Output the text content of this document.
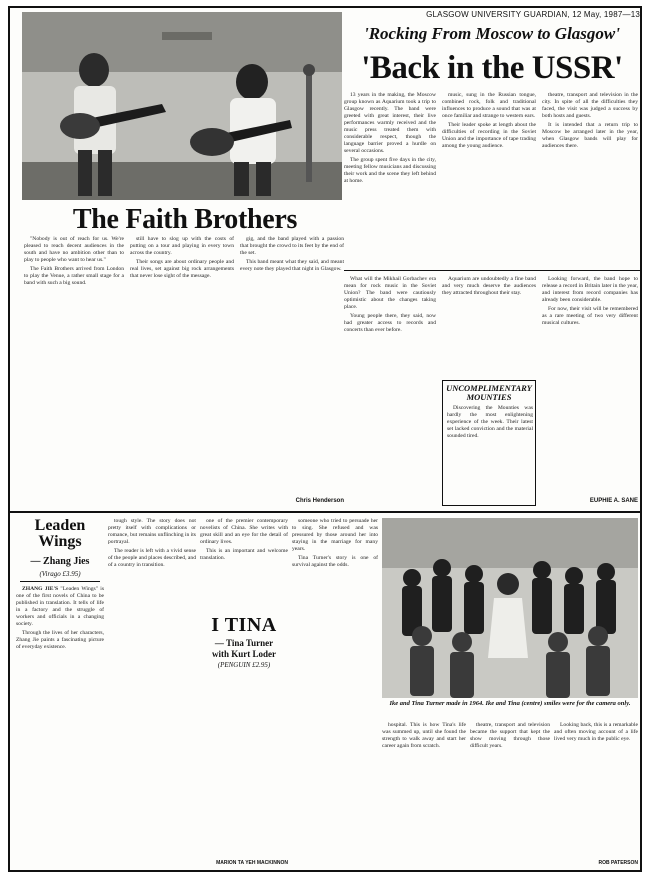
GLASGOW UNIVERSITY GUARDIAN, 12 May, 1987—13
'Rocking From Moscow to Glasgow'
'Back in the USSR'
The Faith Brothers

13 years in the making, the Moscow group known as Aquarium took a trip to Glasgow recently. The band were greeted with great interest, their live performances warmly received and the music press treated them with considerable respect, though the language barrier proved a hurdle on several occasions.

The group spent five days in the city, meeting fellow musicians and discussing their work and the scene they left behind at home.

music, sung in the Russian tongue, combined rock, folk and traditional influences to produce a sound that was at once familiar and strange to western ears.

Their leader spoke at length about the difficulties of recording in the Soviet Union and the importance of tape trading among the young audience.

theatre, transport and television in the city. In spite of all the difficulties they faced, the visit was judged a success by both hosts and guests.

It is intended that a return trip to Moscow be arranged later in the year, when Glasgow bands will play for audiences there.

"Nobody is out of reach for us. We're pleased to reach decent audiences in the south and have no ambition other than to play to people who want to hear us."

The Faith Brothers arrived from London to play the Venue, a rather small stage for a band with such a big sound.

still have to slog up with the costs of putting on a tour and playing in every town across the country.

Their songs are about ordinary people and real lives, set against big rock arrangements that never lose sight of the message.

gig, and the band played with a passion that brought the crowd to its feet by the end of the set.

This band meant what they said, and meant every note they played that night in Glasgow.

Chris Henderson

What will the Mikhail Gorbachev era mean for rock music in the Soviet Union? The band were cautiously optimistic about the changes taking place.

Young people there, they said, now had greater access to records and concerts than ever before.

Aquarium are undoubtedly a fine band and very much deserve the audiences they attracted throughout their stay.

UNCOMPLIMENTARY MOUNTIES

Discovering the Mounties was hardly the most enlightening experience of the week. Their latest set lacked conviction and the material sounded tired.

Looking forward, the band hope to release a record in Britain later in the year, and interest from record companies has already been considerable.

For now, their visit will be remembered as a rare meeting of two very different musical cultures.

EUPHIE A. SANE
Leaden Wings
— Zhang Jies
(Virago £3.95)

ZHANG JIE'S "Leaden Wings" is one of the first novels of China to be published in translation. It tells of life in a factory and the struggle of workers and officials in a changing society.

Through the lives of her characters, Zhang Jie paints a fascinating picture of everyday existence.

tough style. The story does not pretty itself with complications or romance, but remains unflinching in its portrayal.

The reader is left with a vivid sense of the people and places described, and of a country in transition.

one of the premier contemporary novelists of China. She writes with great skill and an eye for the detail of ordinary lives.

This is an important and welcome translation.

MARION TA YEH MACKINNON
I TINA
— Tina Turner
with Kurt Loder
(PENGUIN £2.95)

someone who tried to persuade her to sing. She refused and was pressured by those around her into staying in the marriage for many years.

Tina Turner's story is one of survival against the odds.

Ike and Tina Turner made in 1964. Ike and Tina (centre) smiles were for the camera only.

hospital. This is how Tina's life was summed up, until she found the strength to walk away and start her career again from scratch.

theatre, transport and television became the support that kept the show moving through those difficult years.

Looking back, this is a remarkable and often moving account of a life lived very much in the public eye.

ROB PATERSON
